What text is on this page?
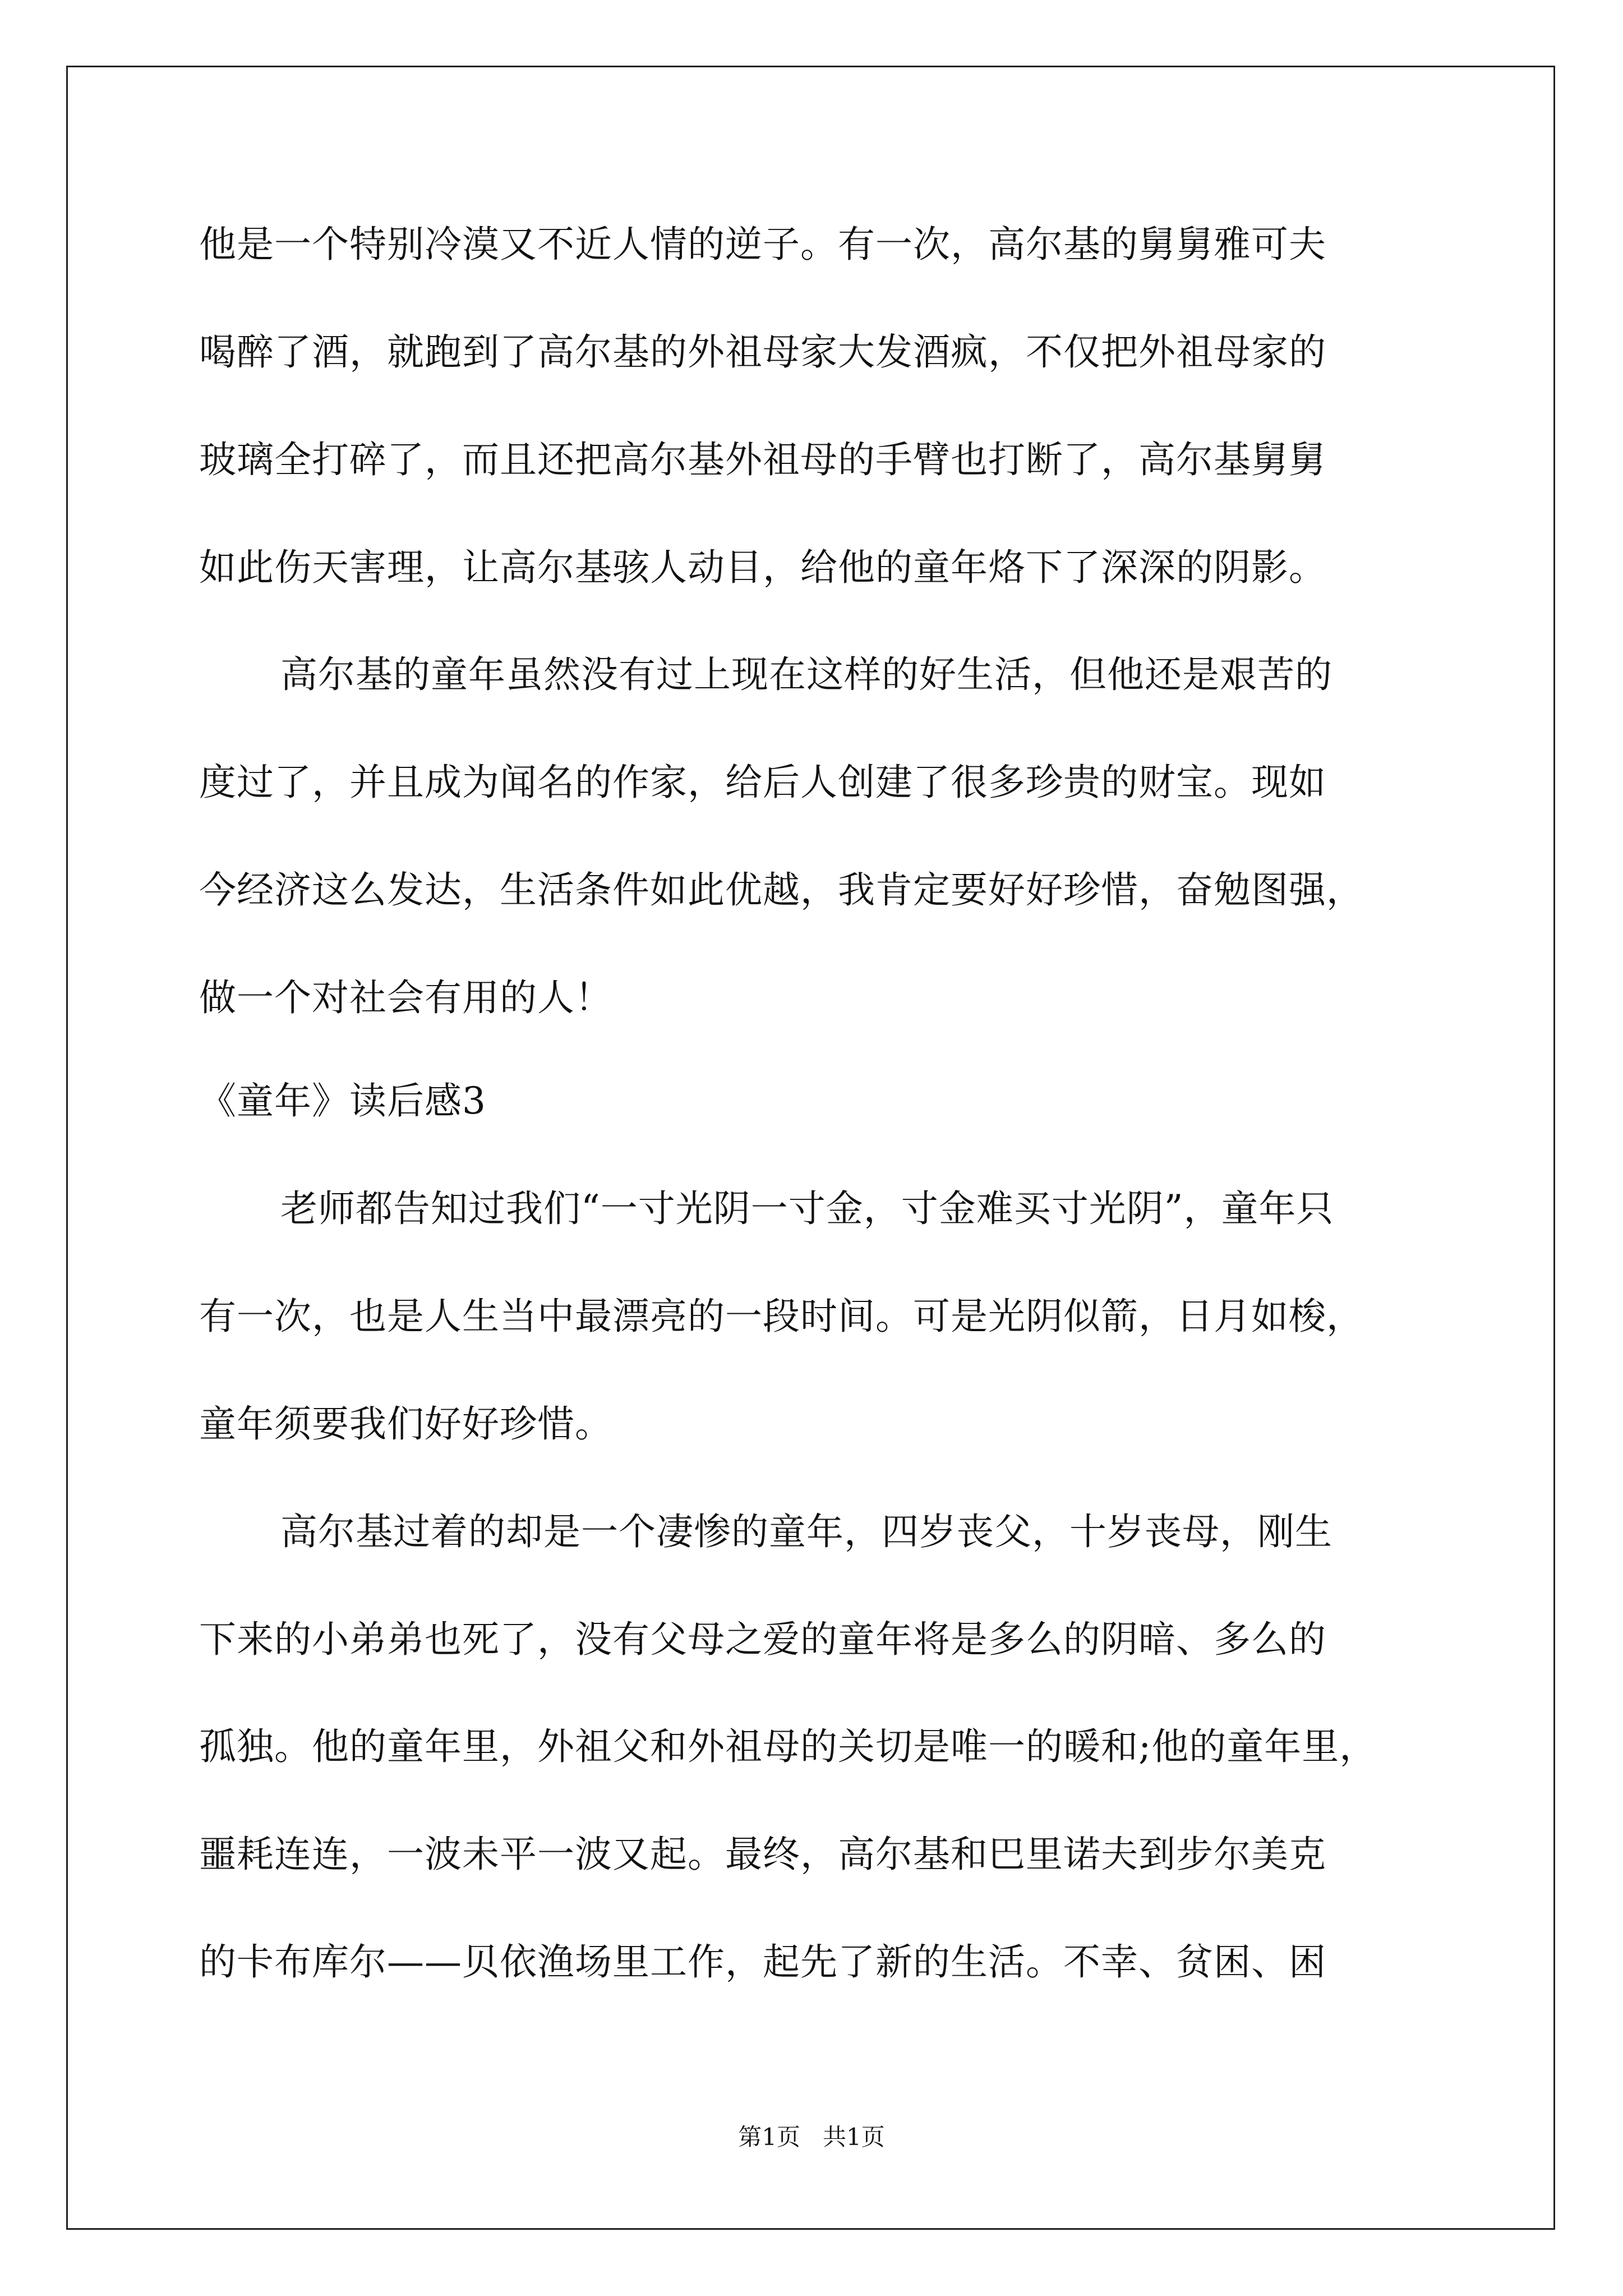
他是一个特别冷漠又不近人情的逆子。有一次，高尔基的舅舅雅可夫
喝醉了酒，就跑到了高尔基的外祖母家大发酒疯，不仅把外祖母家的
玻璃全打碎了，而且还把高尔基外祖母的手臂也打断了，高尔基舅舅
如此伤天害理，让高尔基骇人动目，给他的童年烙下了深深的阴影。
高尔基的童年虽然没有过上现在这样的好生活，但他还是艰苦的
度过了，并且成为闻名的作家，给后人创建了很多珍贵的财宝。现如
今经济这么发达，生活条件如此优越，我肯定要好好珍惜，奋勉图强，
做一个对社会有用的人！
《童年》读后感3
老师都告知过我们“一寸光阴一寸金，寸金难买寸光阴”，童年只
有一次，也是人生当中最漂亮的一段时间。可是光阴似箭，日月如梭，
童年须要我们好好珍惜。
高尔基过着的却是一个凄惨的童年，四岁丧父，十岁丧母，刚生
下来的小弟弟也死了，没有父母之爱的童年将是多么的阴暗、多么的
孤独。他的童年里，外祖父和外祖母的关切是唯一的暖和;他的童年里，
噩耗连连，一波未平一波又起。最终，高尔基和巴里诺夫到步尔美克
的卡布库尔——贝依渔场里工作，起先了新的生活。不幸、贫困、困
第1页   共1页
